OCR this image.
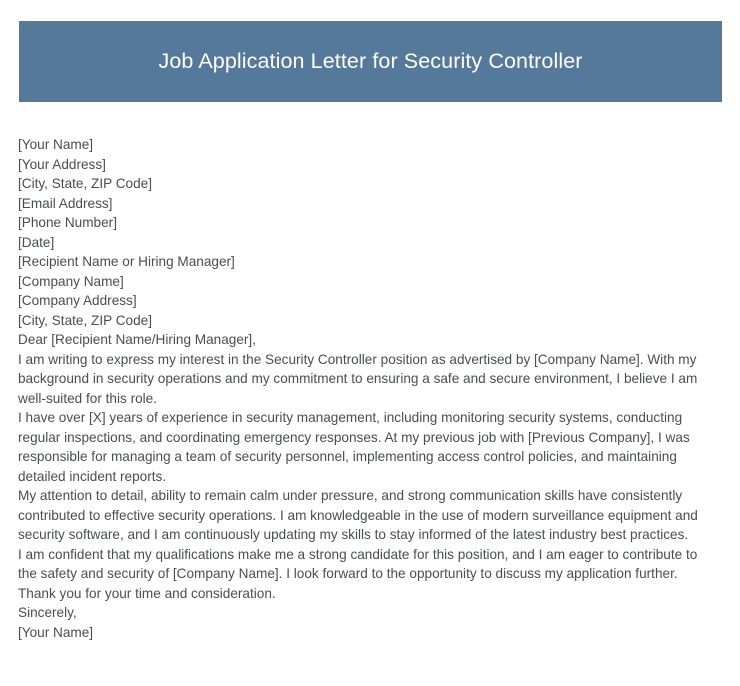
Job Application Letter for Security Controller
[Your Name]
[Your Address]
[City, State, ZIP Code]
[Email Address]
[Phone Number]
[Date]
[Recipient Name or Hiring Manager]
[Company Name]
[Company Address]
[City, State, ZIP Code]
Dear [Recipient Name/Hiring Manager],
I am writing to express my interest in the Security Controller position as advertised by [Company Name]. With my background in security operations and my commitment to ensuring a safe and secure environment, I believe I am well-suited for this role.
I have over [X] years of experience in security management, including monitoring security systems, conducting regular inspections, and coordinating emergency responses. At my previous job with [Previous Company], I was responsible for managing a team of security personnel, implementing access control policies, and maintaining detailed incident reports.
My attention to detail, ability to remain calm under pressure, and strong communication skills have consistently contributed to effective security operations. I am knowledgeable in the use of modern surveillance equipment and security software, and I am continuously updating my skills to stay informed of the latest industry best practices.
I am confident that my qualifications make me a strong candidate for this position, and I am eager to contribute to the safety and security of [Company Name]. I look forward to the opportunity to discuss my application further.
Thank you for your time and consideration.
Sincerely,
[Your Name]
